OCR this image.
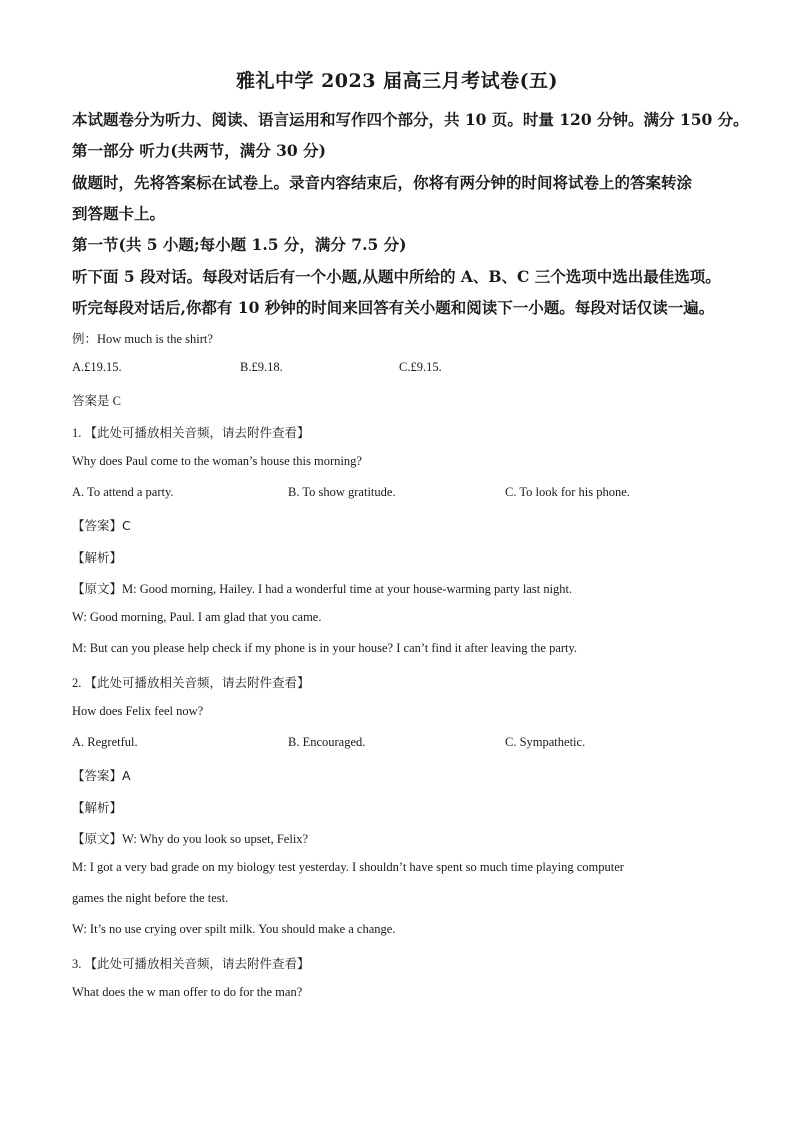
雅礼中学 2023 届高三月考试卷(五)
本试题卷分为听力、阅读、语言运用和写作四个部分，共 10 页。时量 120 分钟。满分 150 分。
第一部分 听力(共两节，满分 30 分)
做题时，先将答案标在试卷上。录音内容结束后，你将有两分钟的时间将试卷上的答案转涂
到答题卡上。
第一节(共 5 小题;每小题 1.5 分，满分 7.5 分)
听下面 5 段对话。每段对话后有一个小题,从题中所给的 A、B、C 三个选项中选出最佳选项。
听完每段对话后,你都有 10 秒钟的时间来回答有关小题和阅读下一小题。每段对话仅读一遍。
例：How much is the shirt?
A.£19.15.	B.£9.18.	C.£9.15.
答案是 C
1. 【此处可播放相关音频，请去附件查看】
Why does Paul come to the woman’s house this morning?
A. To attend a party.	B. To show gratitude.	C. To look for his phone.
【答案】C
【解析】
【原文】M: Good morning, Hailey. I had a wonderful time at your house-warming party last night.
W: Good morning, Paul. I am glad that you came.
M: But can you please help check if my phone is in your house? I can’t find it after leaving the party.
2. 【此处可播放相关音频，请去附件查看】
How does Felix feel now?
A. Regretful.	B. Encouraged.	C. Sympathetic.
【答案】A
【解析】
【原文】W: Why do you look so upset, Felix?
M: I got a very bad grade on my biology test yesterday. I shouldn’t have spent so much time playing computer
games the night before the test.
W: It’s no use crying over spilt milk. You should make a change.
3. 【此处可播放相关音频，请去附件查看】
What does the w man offer to do for the man?
